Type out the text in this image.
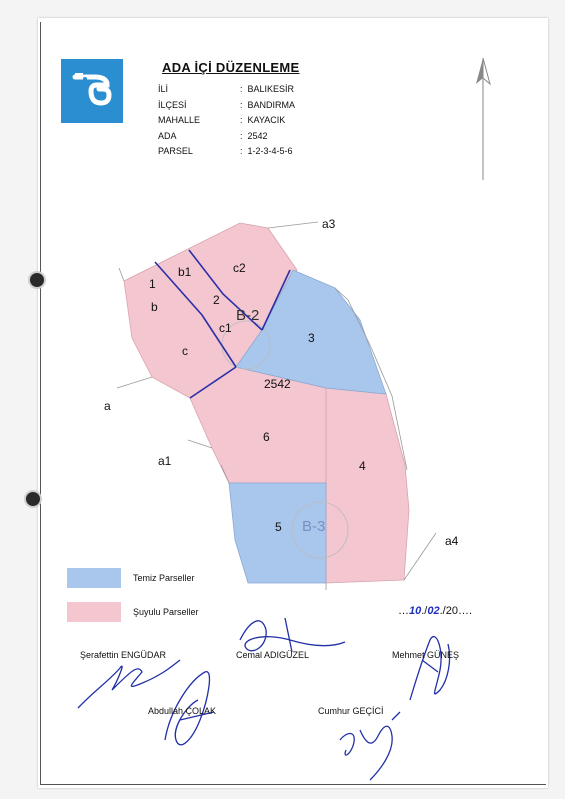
ADA İÇİ DÜZENLEME
İLİ	:  BALIKESİR
İLÇESİ	:  BANDIRMA
MAHALLE	:  KAYACIK
ADA	:  2542
PARSEL	:  1-2-3-4-5-6
a
a1
a3
a4
1
b
b1	c2
2
c1
c
B-2
3
2542
6
4
5 B-3
Temiz Parseller
Şuyulu Parseller	…10./02./20….
Şerafettin ENGÜDAR	Cemal ADIGÜZEL	Mehmet GÜNEŞ
Abdullah ÇOLAK	Cumhur GEÇİCİ
